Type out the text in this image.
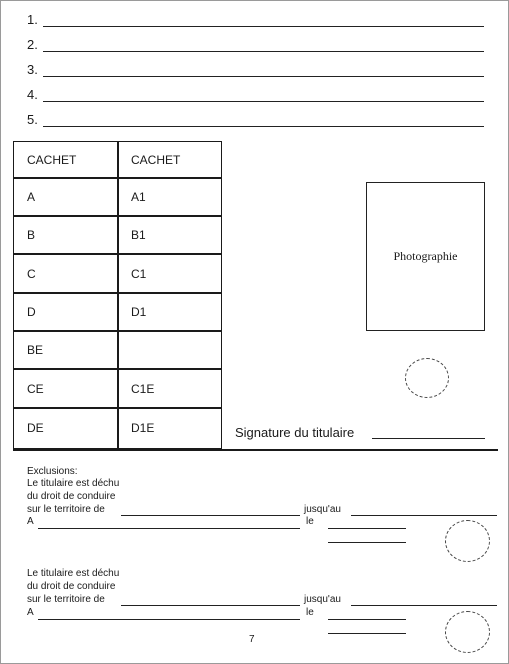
1.
2.
3.
4.
5.
CACHET	CACHET
A	A1
B	B1
C	C1
D	D1
BE
CE	C1E
DE	D1E
Photographie
Signature du titulaire
Exclusions:
Le titulaire est déchu
du droit de conduire
sur le territoire de	jusqu'au
A	le
Le titulaire est déchu
du droit de conduire
sur le territoire de	jusqu'au
A	le
7
